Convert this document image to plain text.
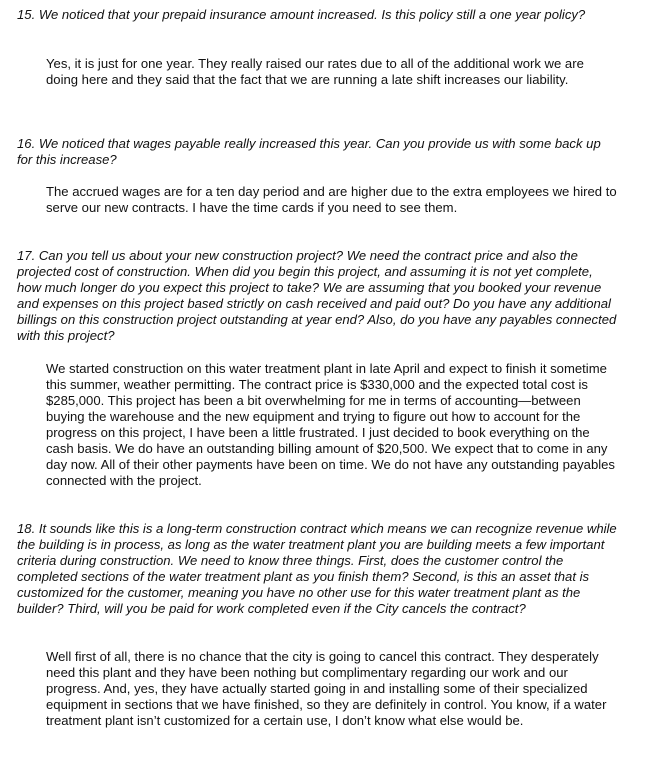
15. We noticed that your prepaid insurance amount increased. Is this policy still a one year policy?

Yes, it is just for one year. They really raised our rates due to all of the additional work we are doing here and they said that the fact that we are running a late shift increases our liability.

16. We noticed that wages payable really increased this year. Can you provide us with some back up for this increase?

The accrued wages are for a ten day period and are higher due to the extra employees we hired to serve our new contracts. I have the time cards if you need to see them.

17. Can you tell us about your new construction project? We need the contract price and also the projected cost of construction. When did you begin this project, and assuming it is not yet complete, how much longer do you expect this project to take? We are assuming that you booked your revenue and expenses on this project based strictly on cash received and paid out? Do you have any additional billings on this construction project outstanding at year end? Also, do you have any payables connected with this project?

We started construction on this water treatment plant in late April and expect to finish it sometime this summer, weather permitting. The contract price is $330,000 and the expected total cost is $285,000. This project has been a bit overwhelming for me in terms of accounting—between buying the warehouse and the new equipment and trying to figure out how to account for the progress on this project, I have been a little frustrated. I just decided to book everything on the cash basis. We do have an outstanding billing amount of $20,500. We expect that to come in any day now. All of their other payments have been on time. We do not have any outstanding payables connected with the project.

18. It sounds like this is a long-term construction contract which means we can recognize revenue while the building is in process, as long as the water treatment plant you are building meets a few important criteria during construction. We need to know three things. First, does the customer control the completed sections of the water treatment plant as you finish them? Second, is this an asset that is customized for the customer, meaning you have no other use for this water treatment plant as the builder? Third, will you be paid for work completed even if the City cancels the contract?

Well first of all, there is no chance that the city is going to cancel this contract. They desperately need this plant and they have been nothing but complimentary regarding our work and our progress. And, yes, they have actually started going in and installing some of their specialized equipment in sections that we have finished, so they are definitely in control. You know, if a water treatment plant isn’t customized for a certain use, I don’t know what else would be.
